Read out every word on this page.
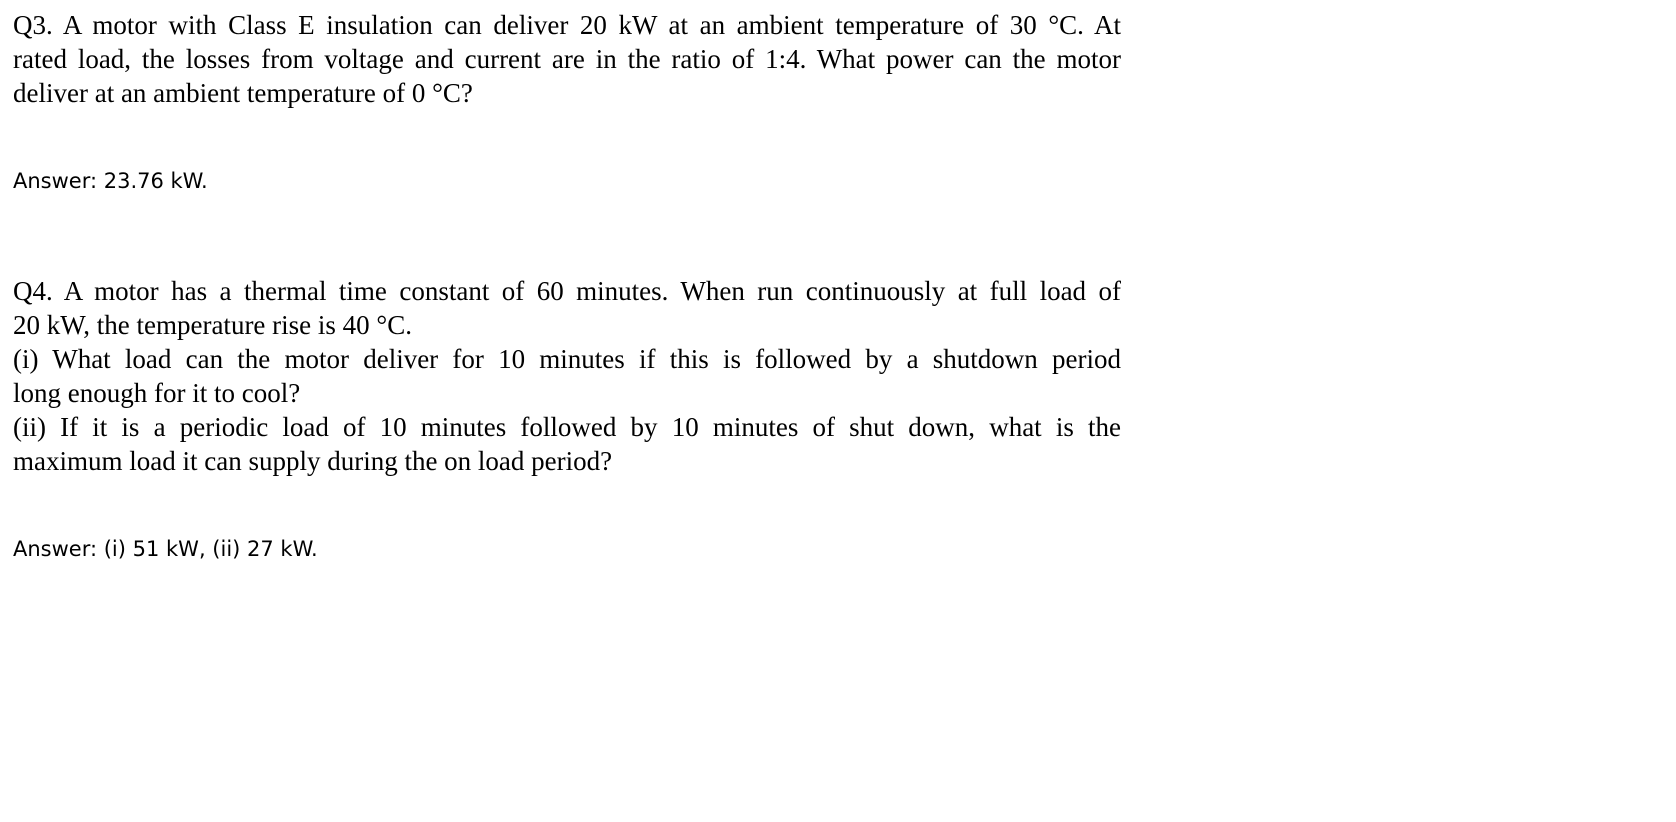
Q3. A motor with Class E insulation can deliver 20 kW at an ambient temperature of 30 °C. At
rated load, the losses from voltage and current are in the ratio of 1:4. What power can the motor
deliver at an ambient temperature of 0 °C?

Answer: 23.76 kW.

Q4. A motor has a thermal time constant of 60 minutes. When run continuously at full load of
20 kW, the temperature rise is 40 °C.
(i) What load can the motor deliver for 10 minutes if this is followed by a shutdown period
long enough for it to cool?
(ii) If it is a periodic load of 10 minutes followed by 10 minutes of shut down, what is the
maximum load it can supply during the on load period?

Answer: (i) 51 kW, (ii) 27 kW.
